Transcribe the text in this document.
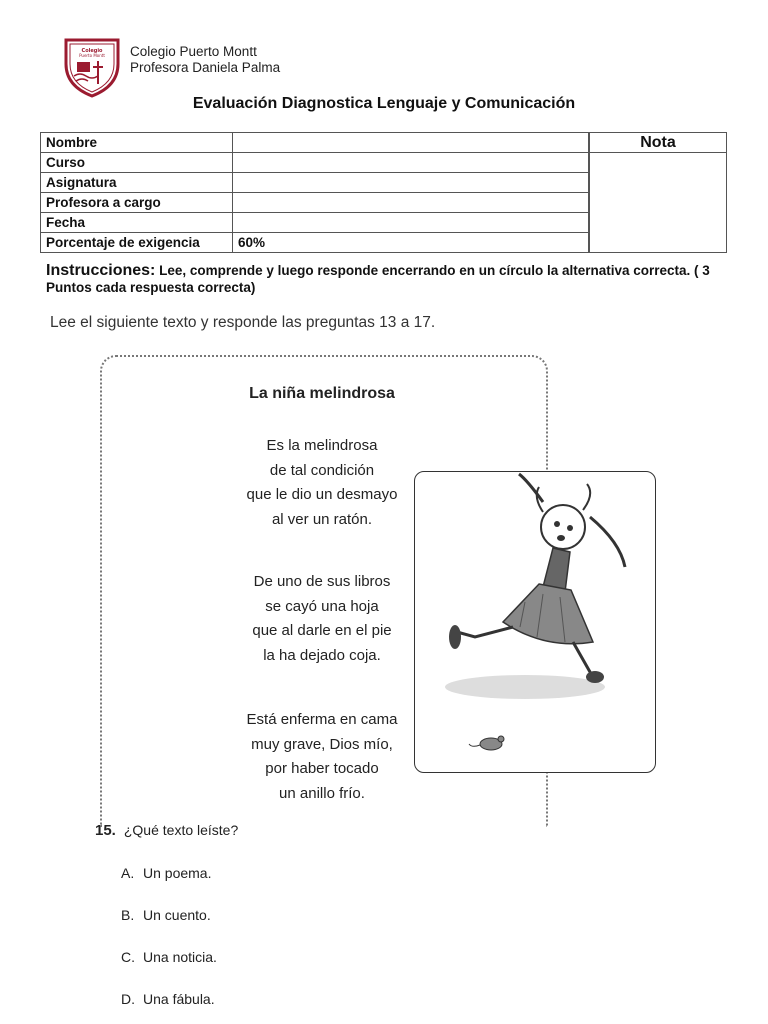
Colegio
Puerto Montt Colegio Puerto Montt
Profesora Daniela Palma
Evaluación Diagnostica Lenguaje y Comunicación
Nombre			Nota
Curso			
Asignatura		
Profesora a cargo		
Fecha		
Porcentaje de exigencia	60%	
Instrucciones: Lee, comprende y luego responde encerrando en un círculo la alternativa correcta. ( 3 Puntos cada respuesta correcta)
Lee el siguiente texto y responde las preguntas 13 a 17.
La niña melindrosa
Es la melindrosa
de tal condición
que le dio un desmayo
al ver un ratón.
De uno de sus libros
se cayó una hoja
que al darle en el pie
la ha dejado coja.
Está enferma en cama
muy grave, Dios mío,
por haber tocado
un anillo frío.
15. ¿Qué texto leíste?
A. Un poema.
B. Un cuento.
C. Una noticia.
D. Una fábula.
